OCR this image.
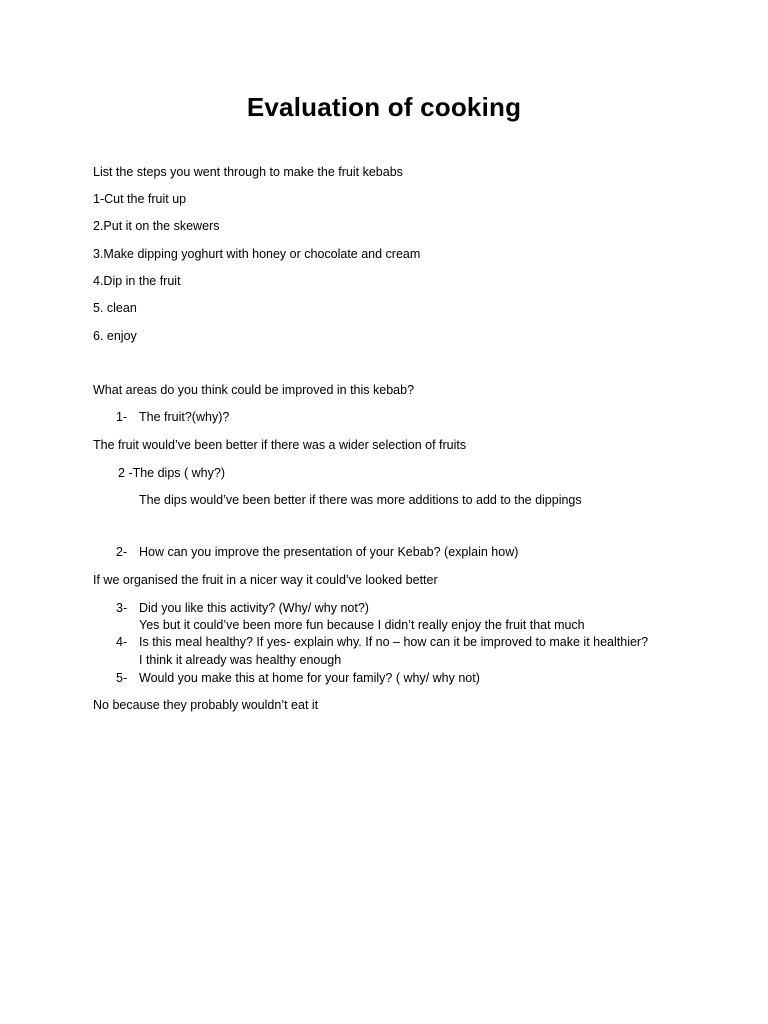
Evaluation of cooking
List the steps you went through to make the fruit kebabs
1-Cut the fruit up
2.Put it on the skewers
3.Make dipping yoghurt with honey or chocolate and cream
4.Dip in the fruit
5. clean
6. enjoy
What areas do you think could be improved in this kebab?
1- The fruit?(why)?
The fruit would’ve been better if there was a wider selection of fruits
2 -The dips ( why?)
The dips would’ve been better if there was more additions to add to the dippings
2- How can you improve the presentation of your Kebab? (explain how)
If we organised the fruit in a nicer way it could’ve looked better
3- Did you like this activity? (Why/ why not?)
Yes but it could’ve been more fun because I didn’t really enjoy the fruit that much
4- Is this meal healthy? If yes- explain why. If no – how can it be improved to make it healthier?
I think it already was healthy enough
5- Would you make this at home for your family? ( why/ why not)
No because they probably wouldn’t eat it
